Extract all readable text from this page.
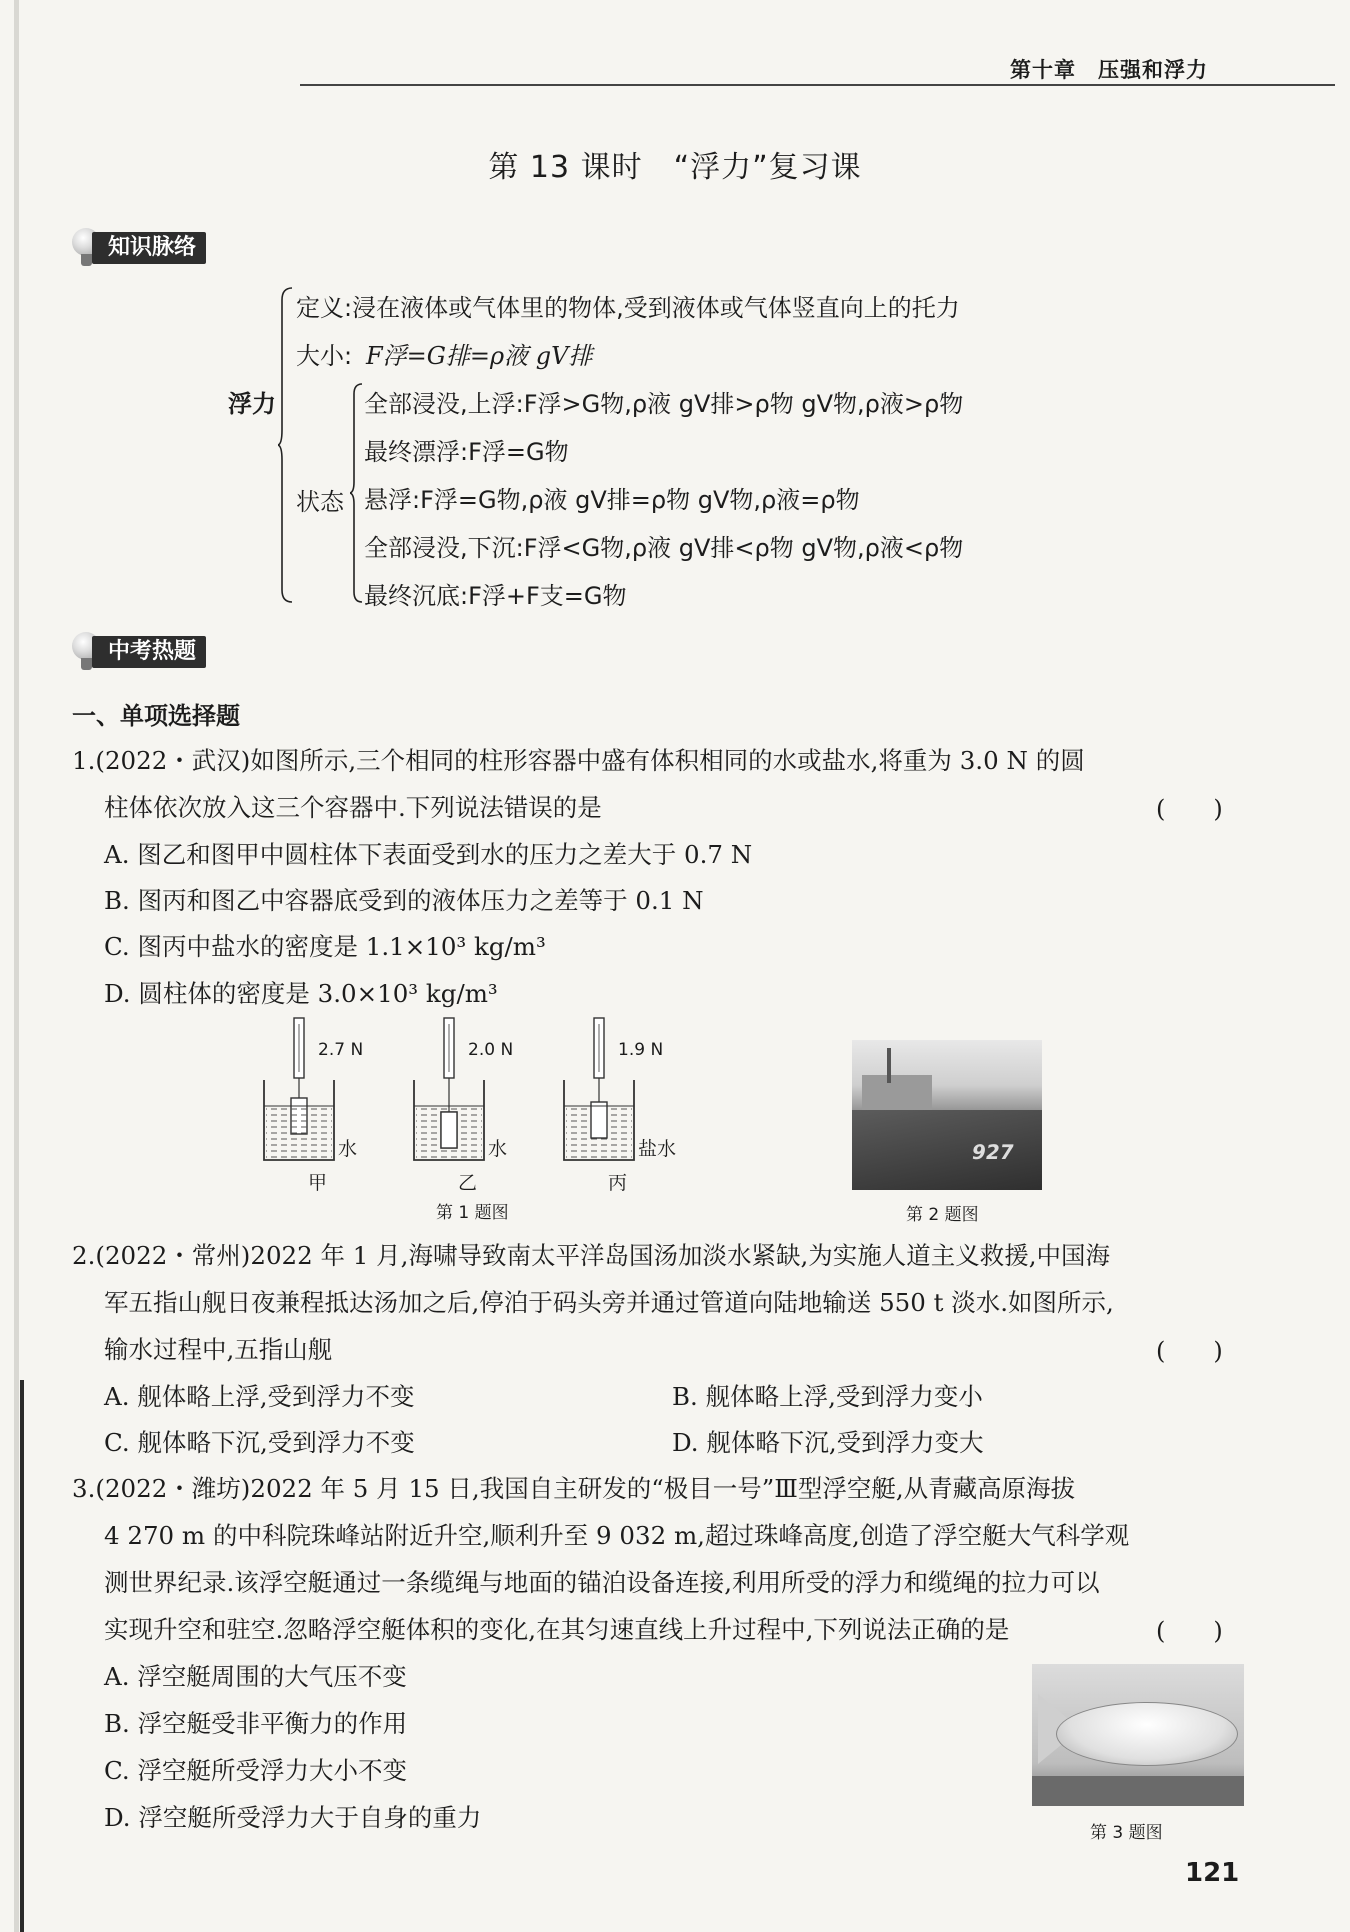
第十章　压强和浮力
第 13 课时　“浮力”复习课
知识脉络
浮力
定义:浸在液体或气体里的物体,受到液体或气体竖直向上的托力
大小: F浮=G排=ρ液 gV排
状态
全部浸没,上浮:F浮>G物,ρ液 gV排>ρ物 gV物,ρ液>ρ物
最终漂浮:F浮=G物
悬浮:F浮=G物,ρ液 gV排=ρ物 gV物,ρ液=ρ物
全部浸没,下沉:F浮<G物,ρ液 gV排<ρ物 gV物,ρ液<ρ物
最终沉底:F浮+F支=G物
中考热题
一、单项选择题
1.(2022・武汉)如图所示,三个相同的柱形容器中盛有体积相同的水或盐水,将重为 3.0 N 的圆
柱体依次放入这三个容器中.下列说法错误的是	(　　)
A. 图乙和图甲中圆柱体下表面受到水的压力之差大于 0.7 N
B. 图丙和图乙中容器底受到的液体压力之差等于 0.1 N
C. 图丙中盐水的密度是 1.1×10³ kg/m³
D. 圆柱体的密度是 3.0×10³ kg/m³
2.7 N	2.0 N	1.9 N
水	水	盐水
甲	乙	丙
第 1 题图
927
第 2 题图
2.(2022・常州)2022 年 1 月,海啸导致南太平洋岛国汤加淡水紧缺,为实施人道主义救援,中国海
军五指山舰日夜兼程抵达汤加之后,停泊于码头旁并通过管道向陆地输送 550 t 淡水.如图所示,
输水过程中,五指山舰	(　　)
A. 舰体略上浮,受到浮力不变	B. 舰体略上浮,受到浮力变小
C. 舰体略下沉,受到浮力不变	D. 舰体略下沉,受到浮力变大
3.(2022・潍坊)2022 年 5 月 15 日,我国自主研发的“极目一号”Ⅲ型浮空艇,从青藏高原海拔
4 270 m 的中科院珠峰站附近升空,顺利升至 9 032 m,超过珠峰高度,创造了浮空艇大气科学观
测世界纪录.该浮空艇通过一条缆绳与地面的锚泊设备连接,利用所受的浮力和缆绳的拉力可以
实现升空和驻空.忽略浮空艇体积的变化,在其匀速直线上升过程中,下列说法正确的是	(　　)
A. 浮空艇周围的大气压不变
B. 浮空艇受非平衡力的作用
C. 浮空艇所受浮力大小不变
D. 浮空艇所受浮力大于自身的重力
第 3 题图
121
